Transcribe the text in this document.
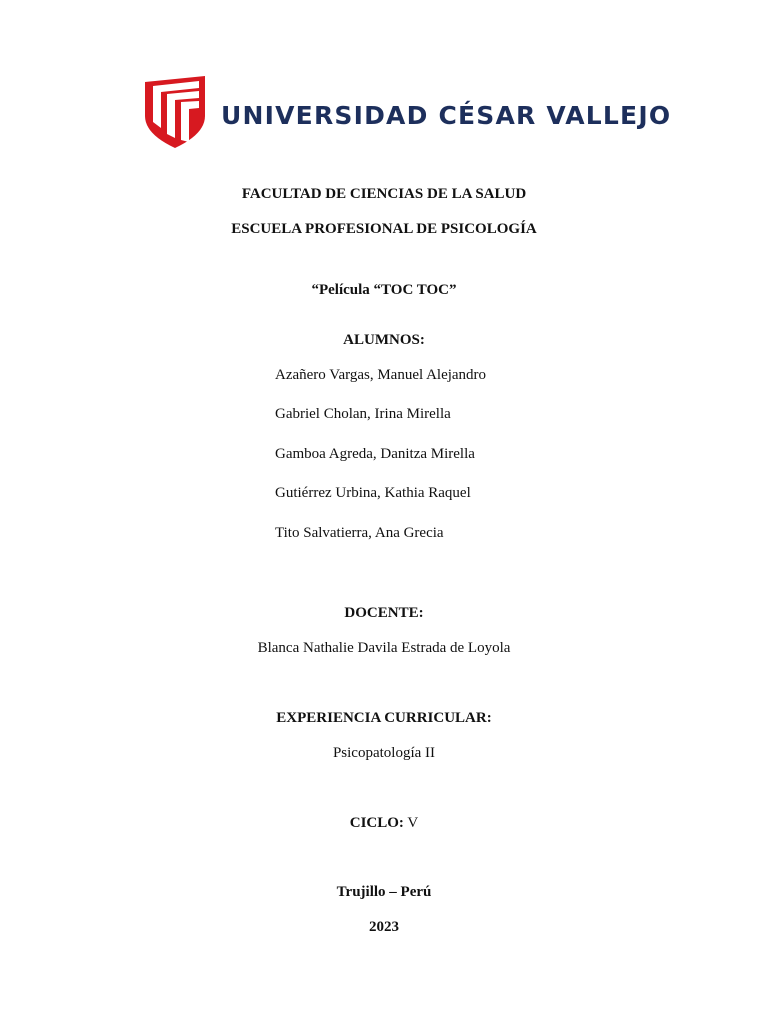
UNIVERSIDAD CÉSAR VALLEJO
FACULTAD DE CIENCIAS DE LA SALUD
ESCUELA PROFESIONAL DE PSICOLOGÍA
“Película “TOC TOC”
ALUMNOS:
Azañero Vargas, Manuel Alejandro
Gabriel Cholan, Irina Mirella
Gamboa Agreda, Danitza Mirella
Gutiérrez Urbina, Kathia Raquel
Tito Salvatierra, Ana Grecia
DOCENTE:
Blanca Nathalie Davila Estrada de Loyola
EXPERIENCIA CURRICULAR:
Psicopatología II
CICLO: V
Trujillo – Perú
2023
